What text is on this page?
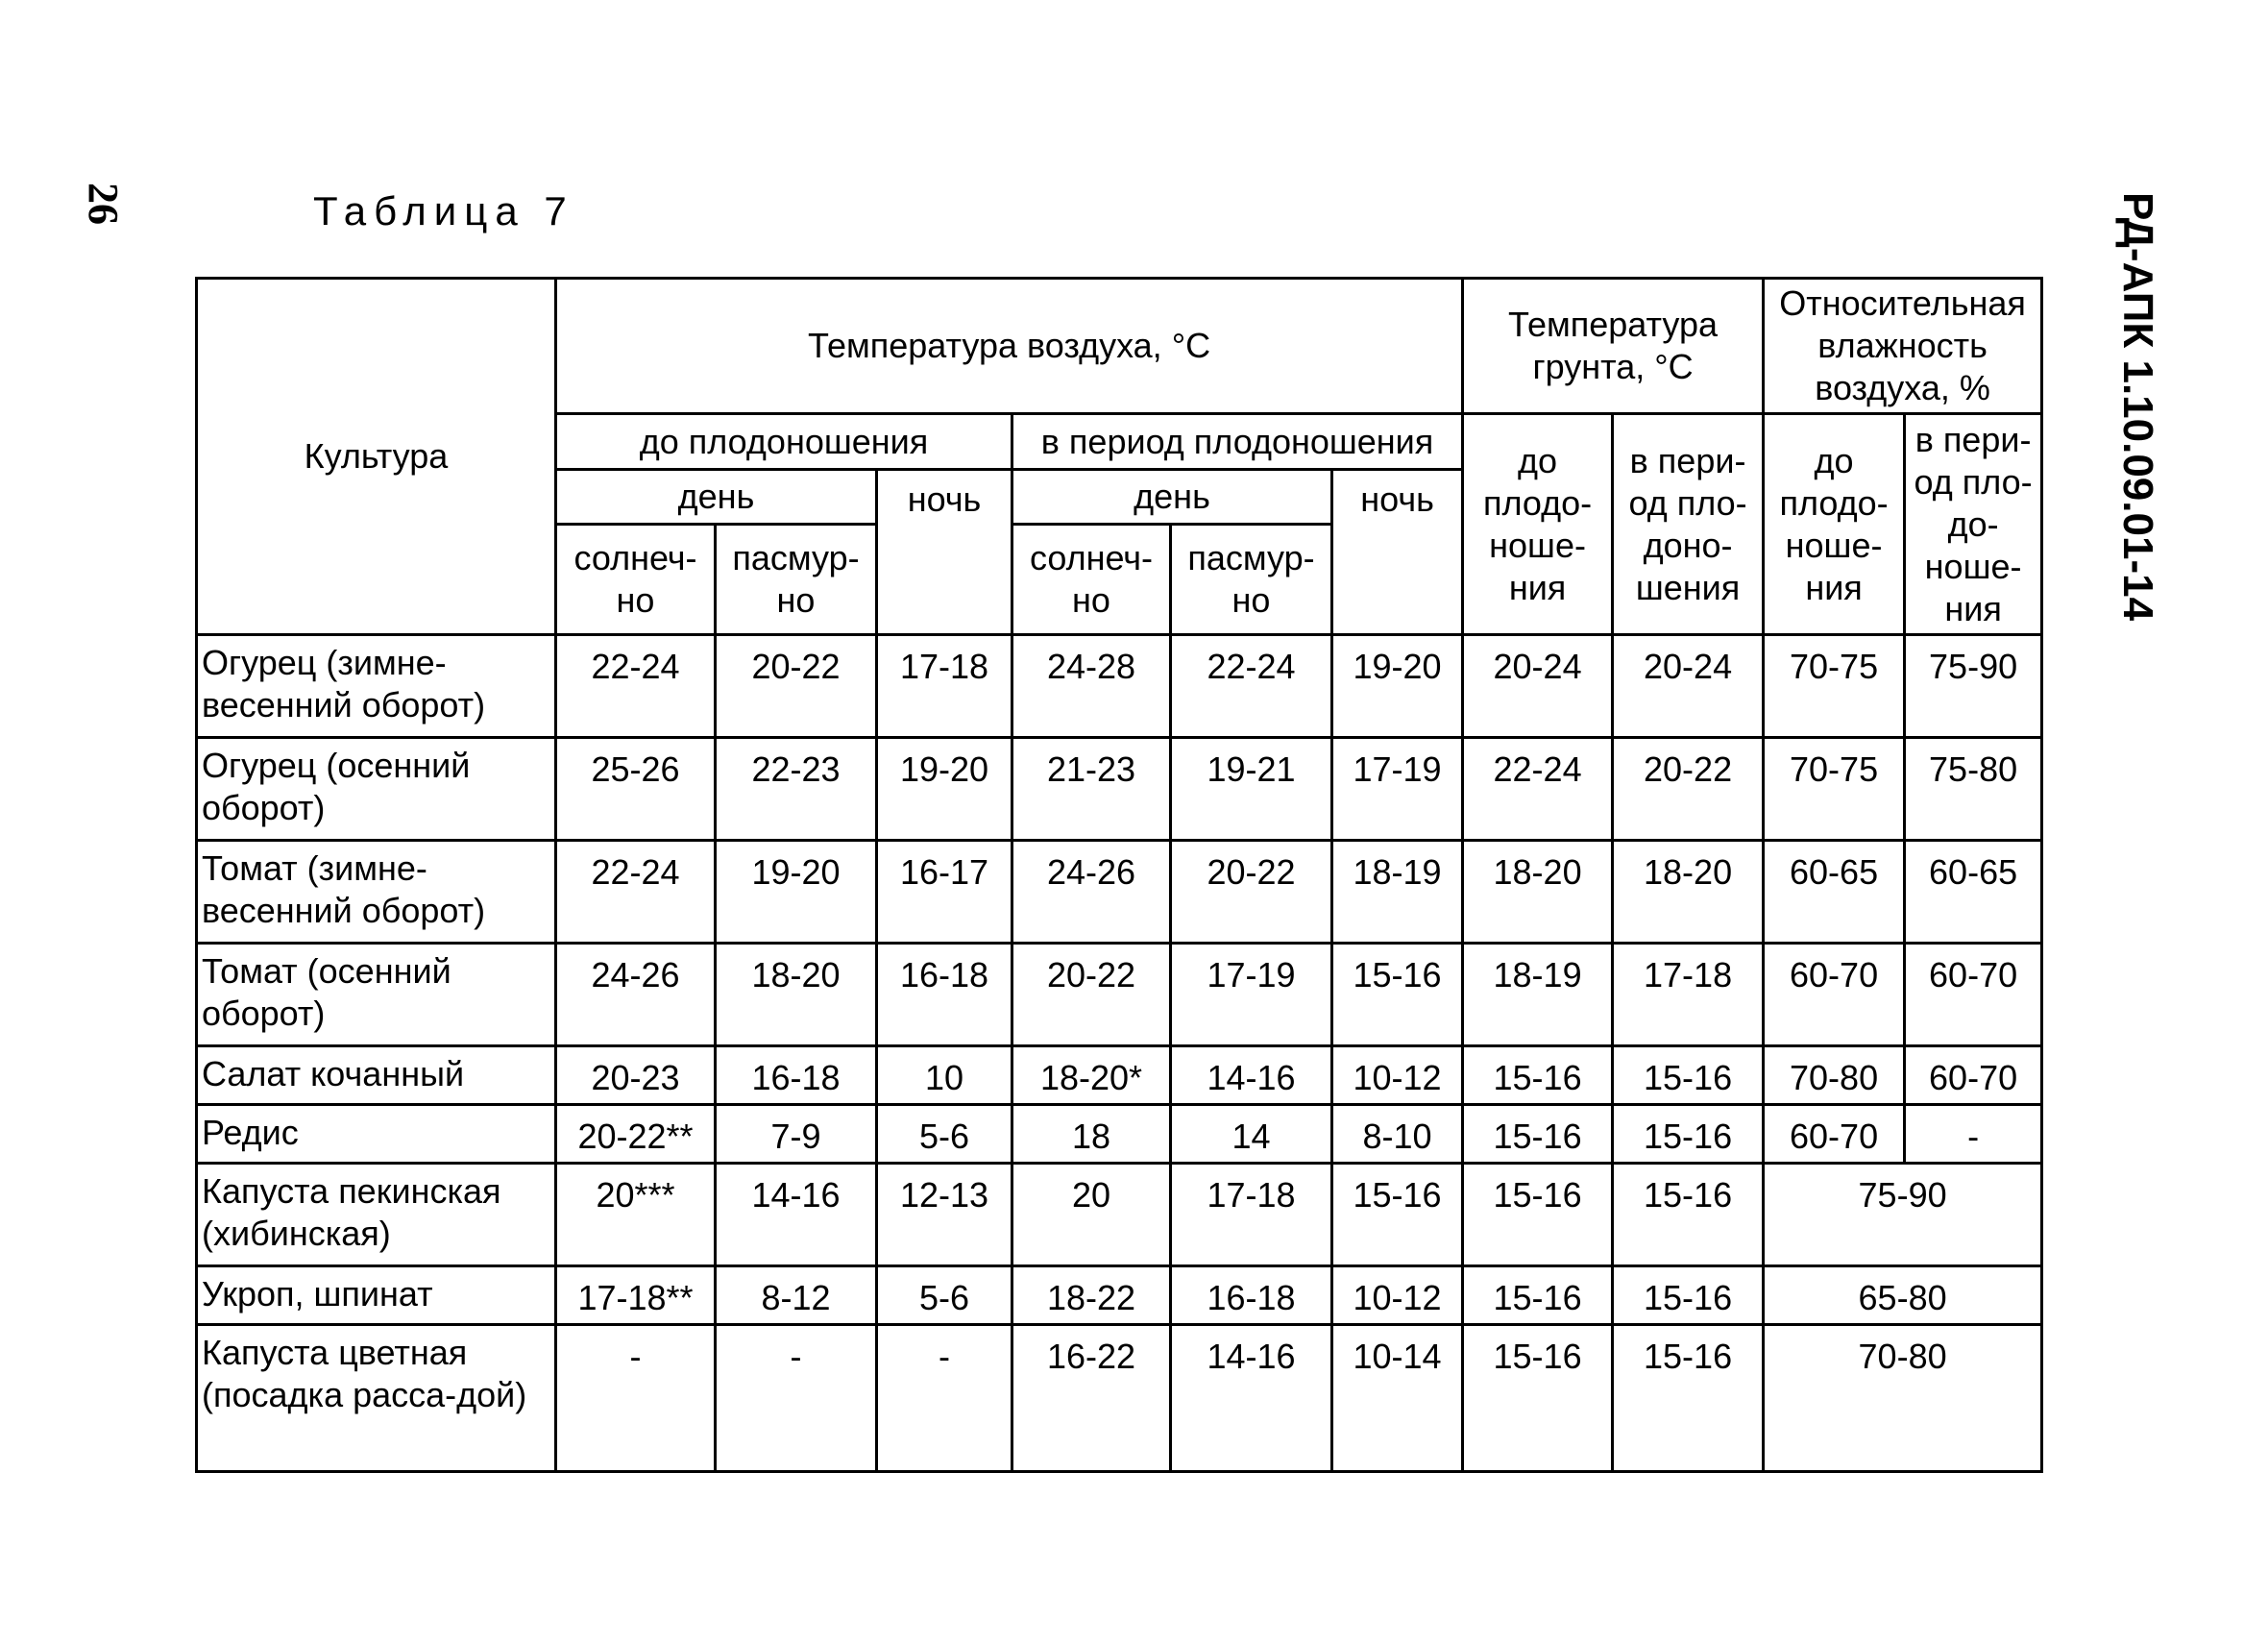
26	РД-АПК 1.10.09.01-14
Таблица 7
Культура	Температура воздуха, °С						Температура грунта, °С		Относительная влажность воздуха, %	
	до плодоношения			в период плодоношения			до плодо-ноше-ния	в пери-од пло-доно-шения	до плодо-ноше-ния	в пери-од пло-до-ноше-ния
	день		ночь	день		ночь				
	солнеч-но	пасмур-но		солнеч-но	пасмур-но					
Огурец (зимне-весенний оборот)	22-24	20-22	17-18	24-28	22-24	19-20	20-24	20-24	70-75	75-90
Огурец (осенний оборот)	25-26	22-23	19-20	21-23	19-21	17-19	22-24	20-22	70-75	75-80
Томат (зимне-весенний оборот)	22-24	19-20	16-17	24-26	20-22	18-19	18-20	18-20	60-65	60-65
Томат (осенний оборот)	24-26	18-20	16-18	20-22	17-19	15-16	18-19	17-18	60-70	60-70
Салат кочанный	20-23	16-18	10	18-20*	14-16	10-12	15-16	15-16	70-80	60-70
Редис	20-22**	7-9	5-6	18	14	8-10	15-16	15-16	60-70	-
Капуста пекинская (хибинская)	20***	14-16	12-13	20	17-18	15-16	15-16	15-16	75-90	
Укроп, шпинат	17-18**	8-12	5-6	18-22	16-18	10-12	15-16	15-16	65-80	
Капуста цветная (посадка расса-дой)	-	-	-	16-22	14-16	10-14	15-16	15-16	70-80	
